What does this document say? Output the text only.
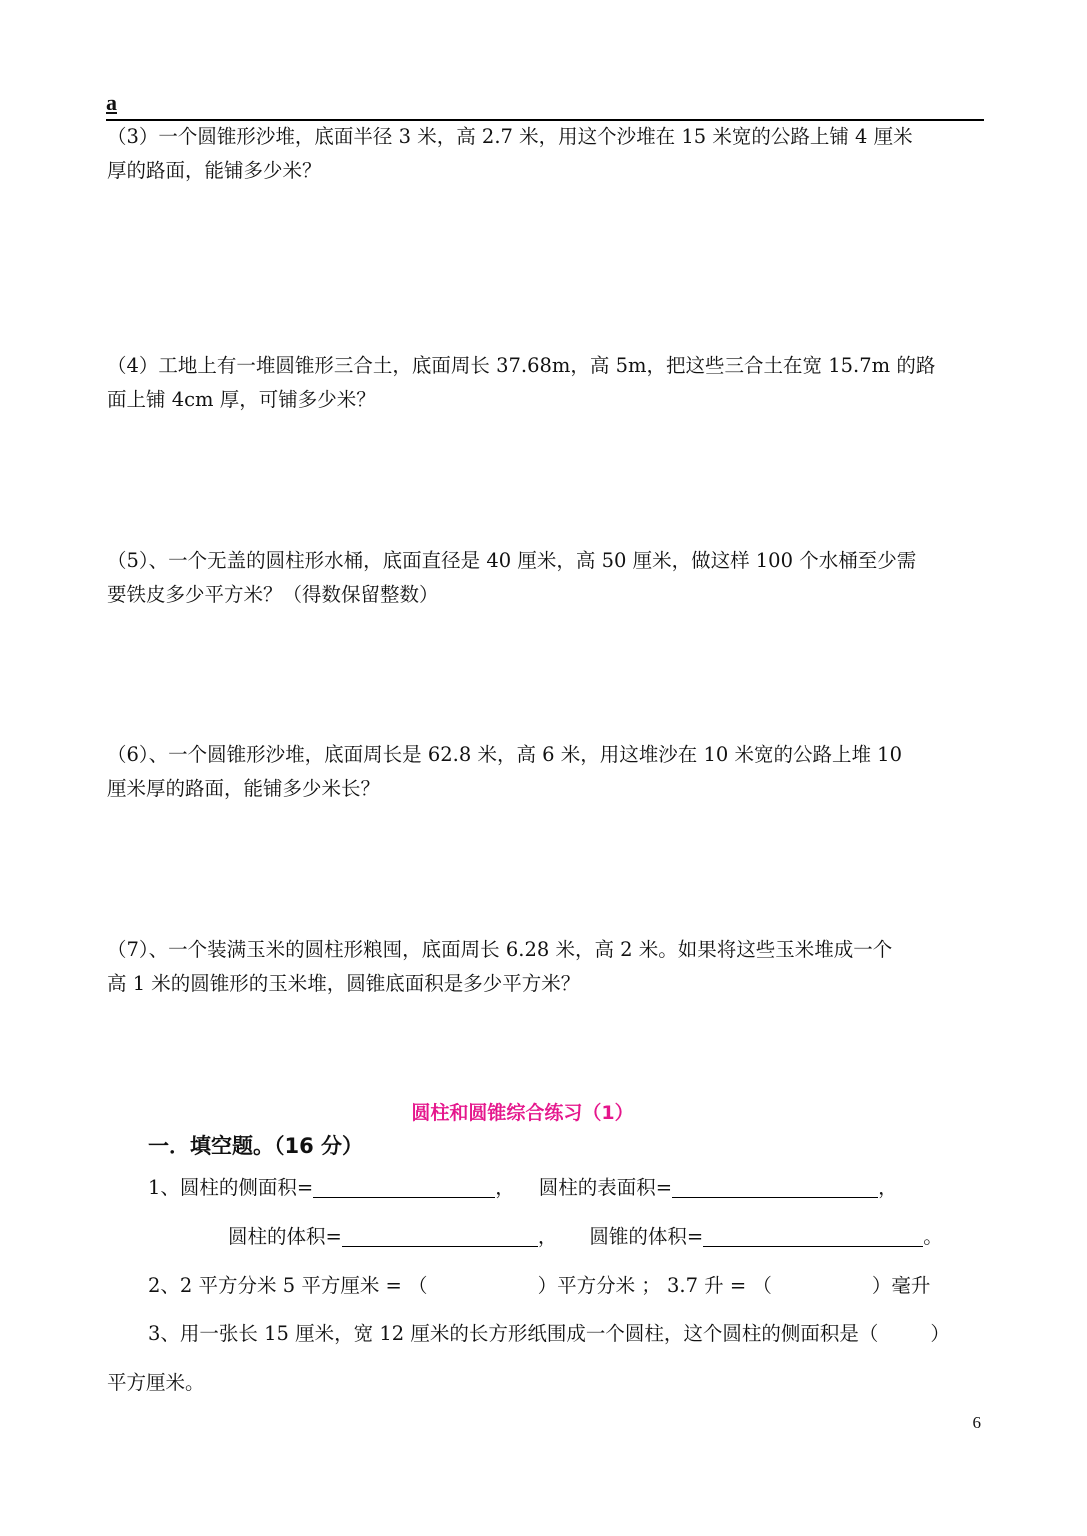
a
（3）一个圆锥形沙堆，底面半径 3 米，高 2.7 米，用这个沙堆在 15 米宽的公路上铺 4 厘米
厚的路面，能铺多少米？
（4）工地上有一堆圆锥形三合土，底面周长 37.68m，高 5m，把这些三合土在宽 15.7m 的路
面上铺 4cm 厚，可铺多少米？
（5）、一个无盖的圆柱形水桶，底面直径是 40 厘米，高 50 厘米，做这样 100 个水桶至少需
要铁皮多少平方米？（得数保留整数）
（6）、一个圆锥形沙堆，底面周长是 62.8 米，高 6 米，用这堆沙在 10 米宽的公路上堆 10
厘米厚的路面，能铺多少米长？
（7）、一个装满玉米的圆柱形粮囤，底面周长 6.28 米，高 2 米。如果将这些玉米堆成一个
高 1 米的圆锥形的玉米堆，圆锥底面积是多少平方米？
圆柱和圆锥综合练习（1）
一．填空题。（16 分）
1、圆柱的侧面积=	， 圆柱的表面积=	，
圆柱的体积=	， 圆锥的体积=	。
2、2 平方分米 5 平方厘米 = （	）平方分米 ； 3.7 升 = （	）毫升
3、用一张长 15 厘米，宽 12 厘米的长方形纸围成一个圆柱，这个圆柱的侧面积是（	）
平方厘米。
6
